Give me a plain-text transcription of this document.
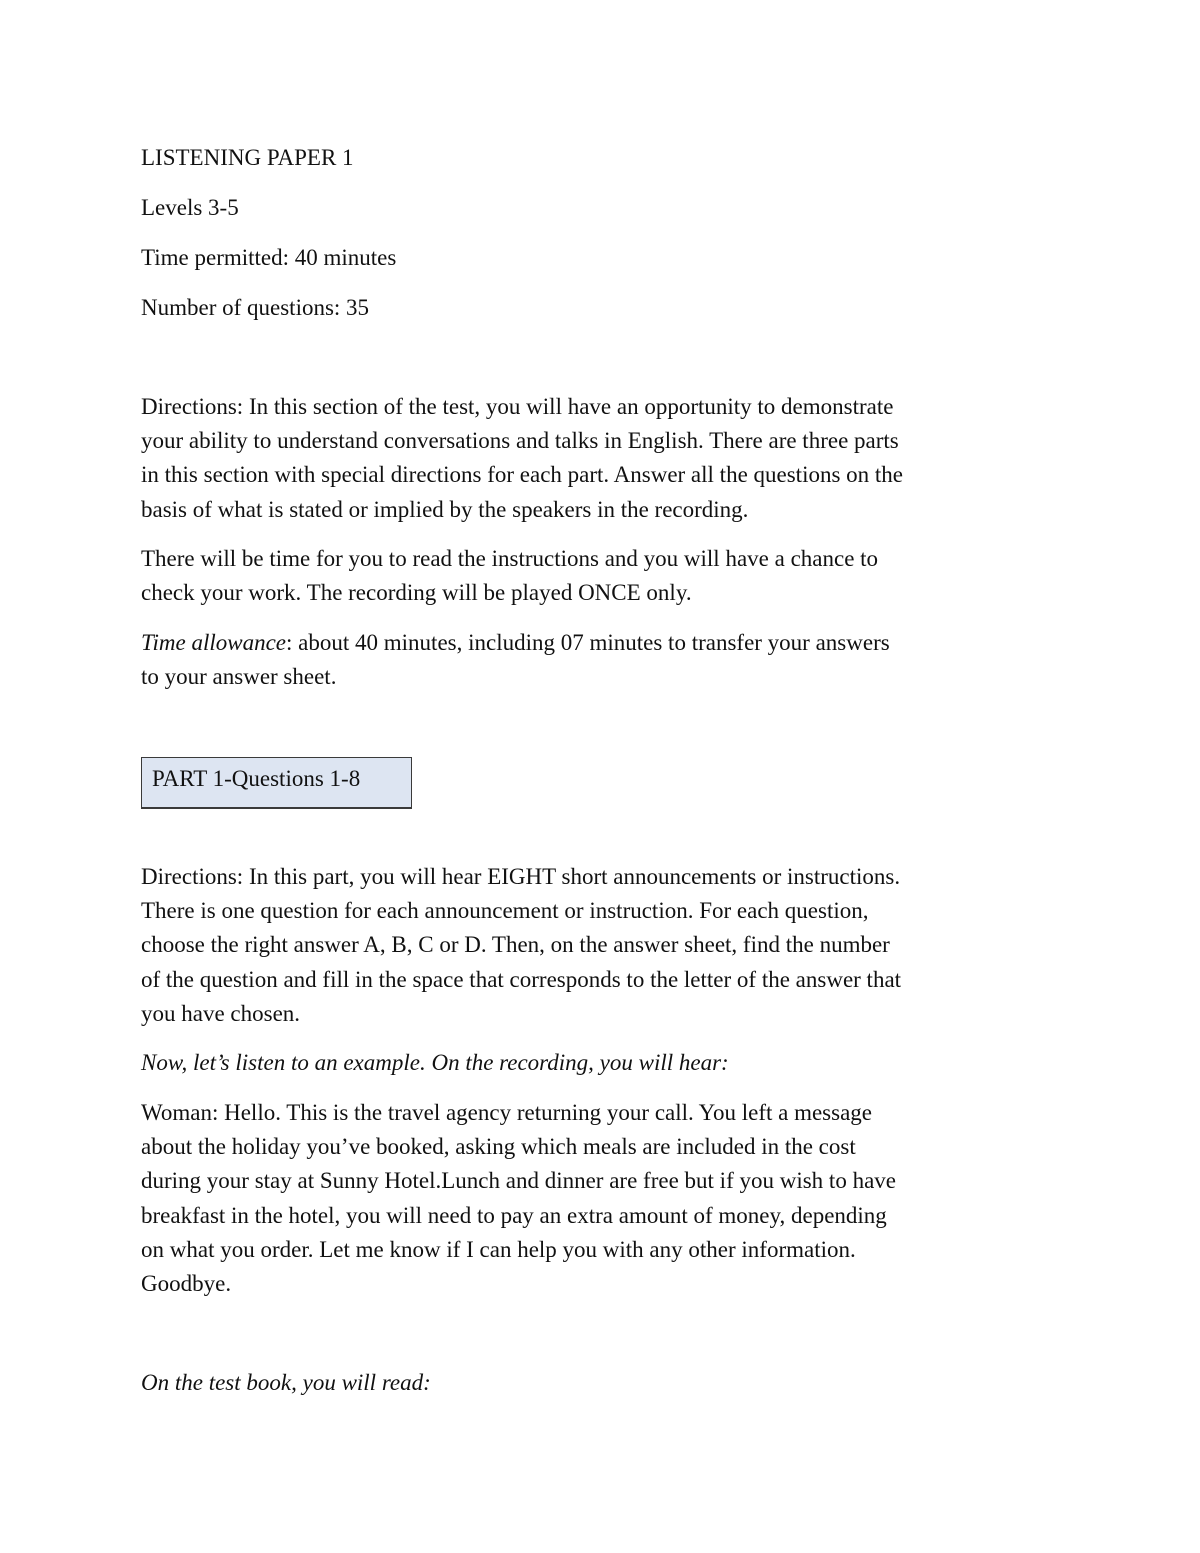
LISTENING PAPER 1
Levels 3-5
Time permitted: 40 minutes
Number of questions: 35

Directions: In this section of the test, you will have an opportunity to demonstrate

your ability to understand conversations and talks in English. There are three parts

in this section with special directions for each part. Answer all the questions on the

basis of what is stated or implied by the speakers in the recording.

There will be time for you to read the instructions and you will have a chance to

check your work. The recording will be played ONCE only.

Time allowance: about 40 minutes, including 07 minutes to transfer your answers

to your answer sheet.

PART 1-Questions 1-8

Directions: In this part, you will hear EIGHT short announcements or instructions.

There is one question for each announcement or instruction. For each question,

choose the right answer A, B, C or D. Then, on the answer sheet, find the number

of the question and fill in the space that corresponds to the letter of the answer that

you have chosen.

Now, let’s listen to an example. On the recording, you will hear:

Woman: Hello. This is the travel agency returning your call. You left a message

about the holiday you’ve booked, asking which meals are included in the cost

during your stay at Sunny Hotel.Lunch and dinner are free but if you wish to have

breakfast in the hotel, you will need to pay an extra amount of money, depending

on what you order. Let me know if I can help you with any other information.

Goodbye.

On the test book, you will read:
